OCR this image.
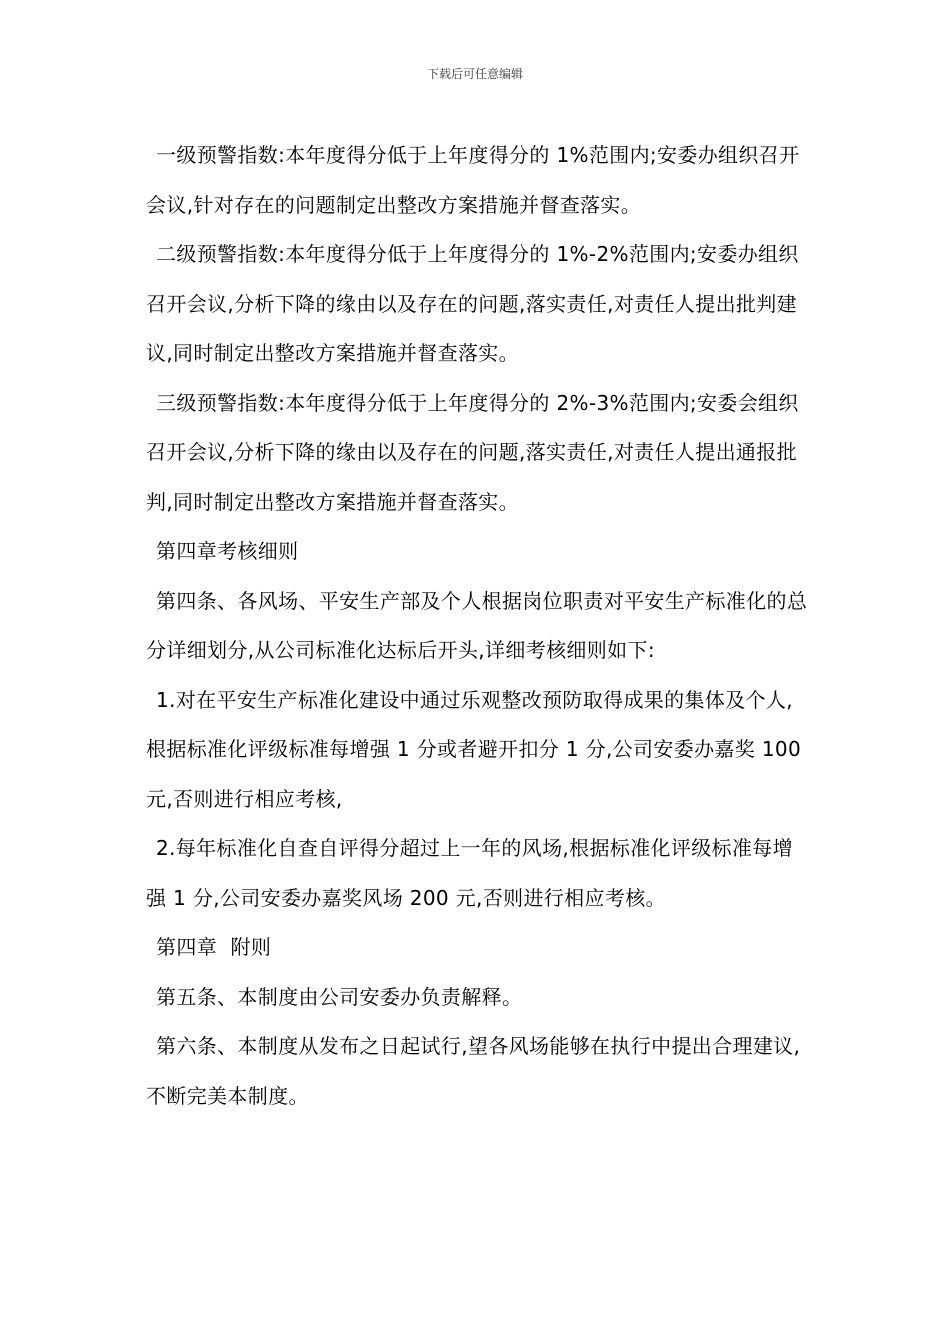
下载后可任意编辑

一级预警指数:本年度得分低于上年度得分的 1%范围内;安委办组织召开会议,针对存在的问题制定出整改方案措施并督查落实。

二级预警指数:本年度得分低于上年度得分的 1%-2%范围内;安委办组织召开会议,分析下降的缘由以及存在的问题,落实责任,对责任人提出批判建议,同时制定出整改方案措施并督查落实。

三级预警指数:本年度得分低于上年度得分的 2%-3%范围内;安委会组织召开会议,分析下降的缘由以及存在的问题,落实责任,对责任人提出通报批判,同时制定出整改方案措施并督查落实。

第四章考核细则

第四条、各风场、平安生产部及个人根据岗位职责对平安生产标准化的总分详细划分,从公司标准化达标后开头,详细考核细则如下:

1.对在平安生产标准化建设中通过乐观整改预防取得成果的集体及个人,根据标准化评级标准每增强 1 分或者避开扣分 1 分,公司安委办嘉奖 100 元,否则进行相应考核,

2.每年标准化自查自评得分超过上一年的风场,根据标准化评级标准每增强 1 分,公司安委办嘉奖风场 200 元,否则进行相应考核。

第四章  附则

第五条、本制度由公司安委办负责解释。

第六条、本制度从发布之日起试行,望各风场能够在执行中提出合理建议,不断完美本制度。
